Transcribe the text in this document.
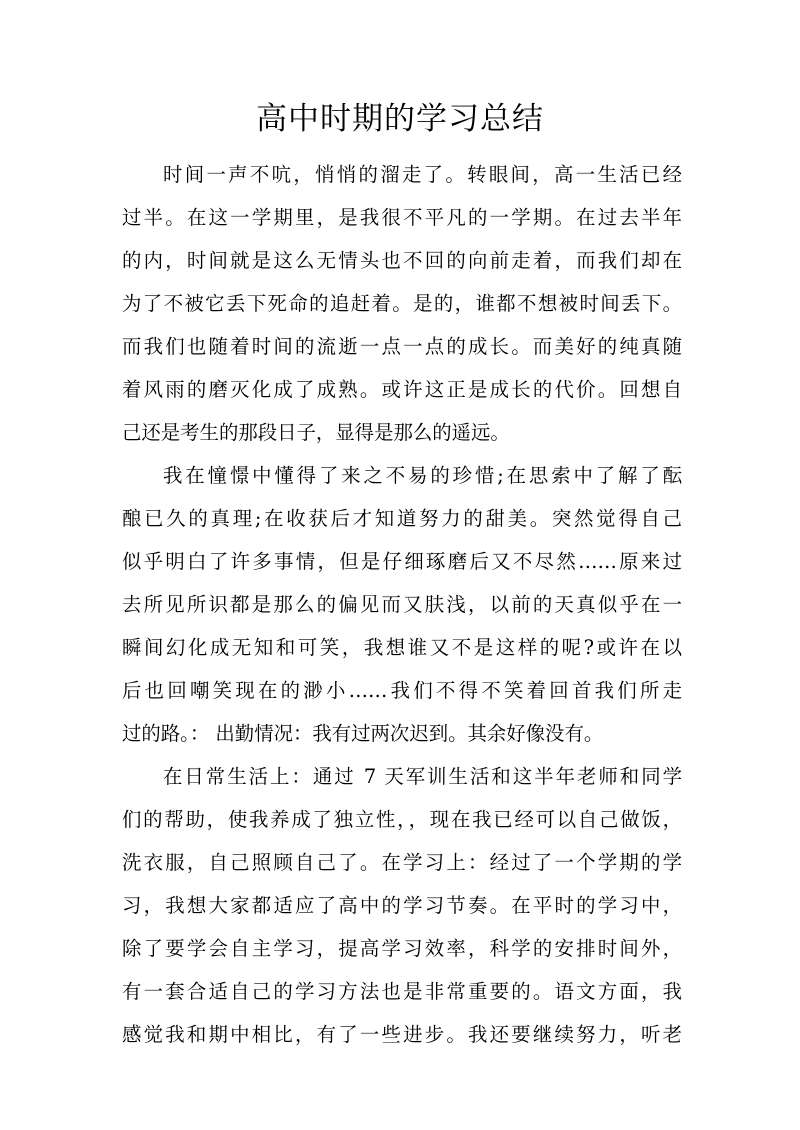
高中时期的学习总结
时间一声不吭，悄悄的溜走了。转眼间，高一生活已经
过半。在这一学期里，是我很不平凡的一学期。在过去半年
的内，时间就是这么无情头也不回的向前走着，而我们却在
为了不被它丢下死命的追赶着。是的，谁都不想被时间丢下。
而我们也随着时间的流逝一点一点的成长。而美好的纯真随
着风雨的磨灭化成了成熟。或许这正是成长的代价。回想自
己还是考生的那段日子，显得是那么的遥远。
我在憧憬中懂得了来之不易的珍惜;在思索中了解了酝
酿已久的真理;在收获后才知道努力的甜美。突然觉得自己
似乎明白了许多事情，但是仔细琢磨后又不尽然……原来过
去所见所识都是那么的偏见而又肤浅，以前的天真似乎在一
瞬间幻化成无知和可笑，我想谁又不是这样的呢?或许在以
后也回嘲笑现在的渺小……我们不得不笑着回首我们所走
过的路。： 出勤情况：我有过两次迟到。其余好像没有。
在日常生活上：通过 7 天军训生活和这半年老师和同学
们的帮助，使我养成了独立性，，现在我已经可以自己做饭，
洗衣服，自己照顾自己了。在学习上：经过了一个学期的学
习，我想大家都适应了高中的学习节奏。在平时的学习中，
除了要学会自主学习，提高学习效率，科学的安排时间外，
有一套合适自己的学习方法也是非常重要的。语文方面，我
感觉我和期中相比，有了一些进步。我还要继续努力，听老
